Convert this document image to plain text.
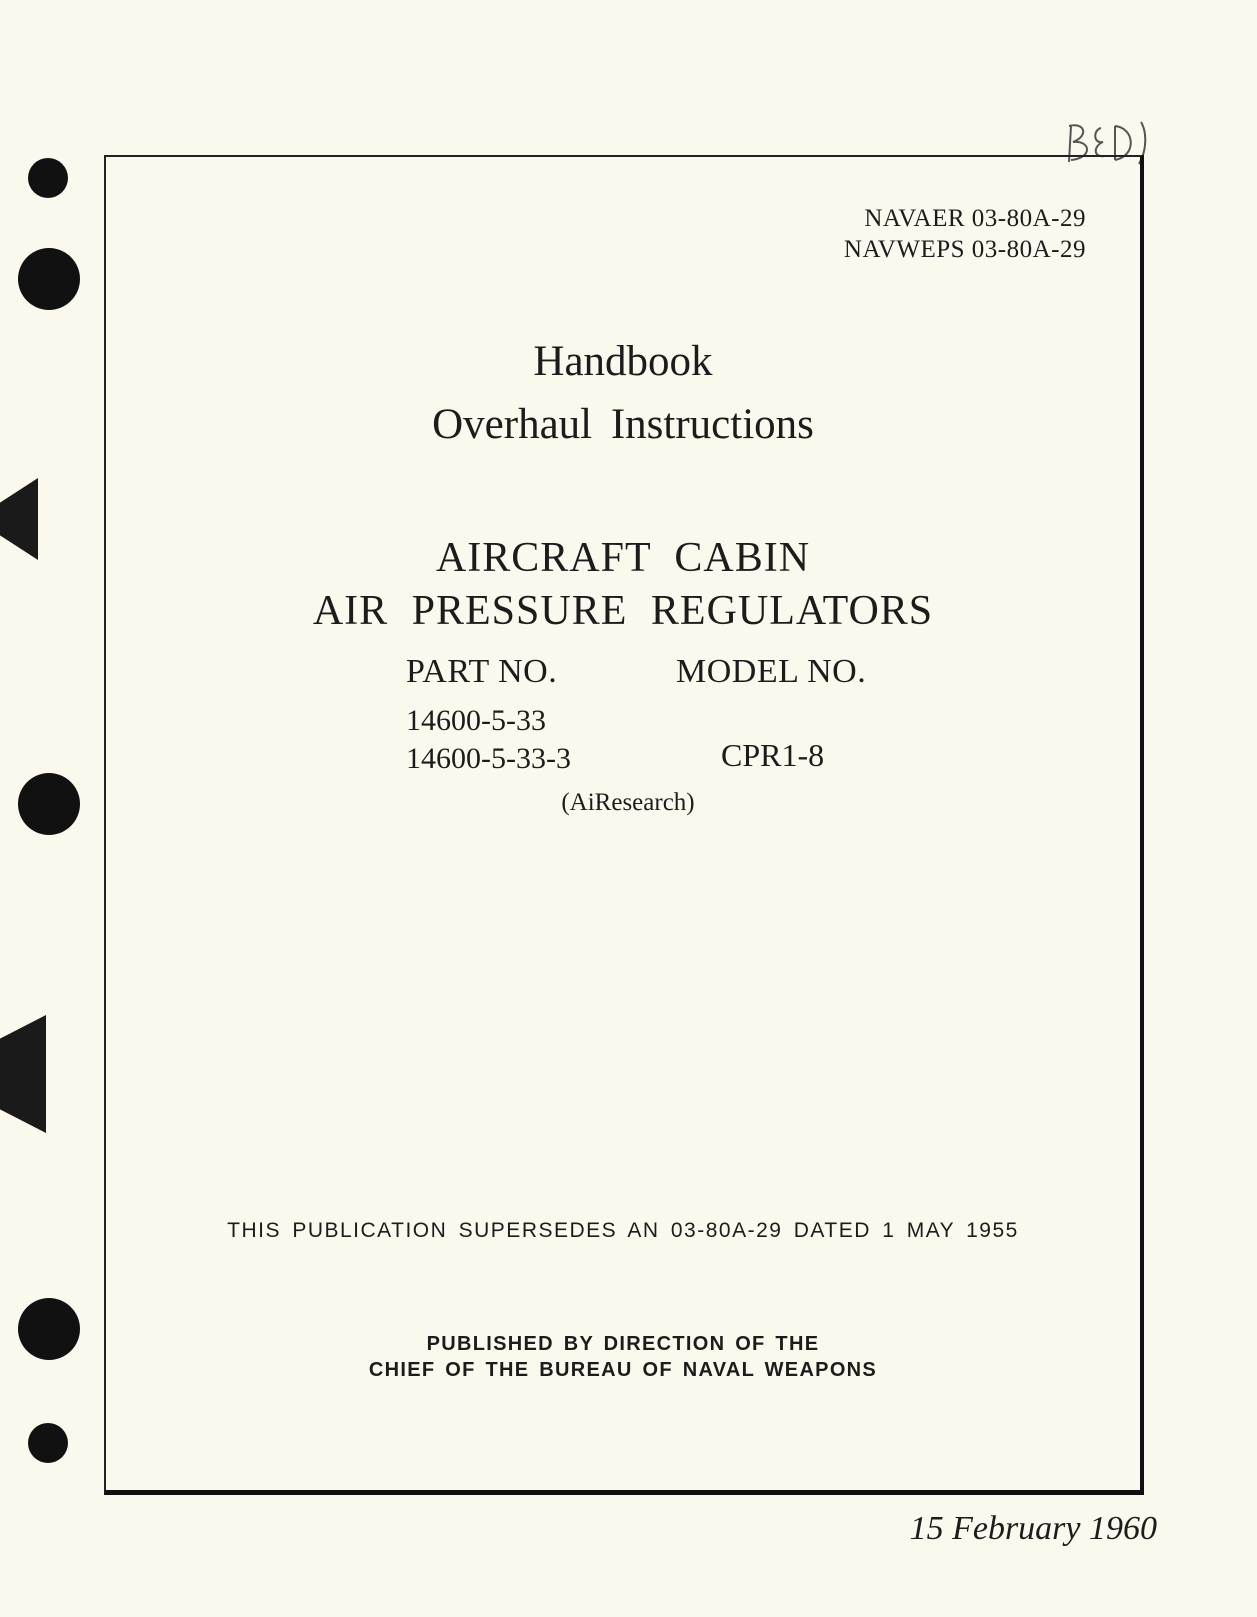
NAVAER 03-80A-29
NAVWEPS 03-80A-29
Handbook
Overhaul Instructions
AIRCRAFT CABIN
AIR PRESSURE REGULATORS
PART NO.	MODEL NO.
14600-5-33
14600-5-33-3	CPR1-8
(AiResearch)
THIS PUBLICATION SUPERSEDES AN 03-80A-29 DATED 1 MAY 1955
PUBLISHED BY DIRECTION OF THE
CHIEF OF THE BUREAU OF NAVAL WEAPONS
15 February 1960
